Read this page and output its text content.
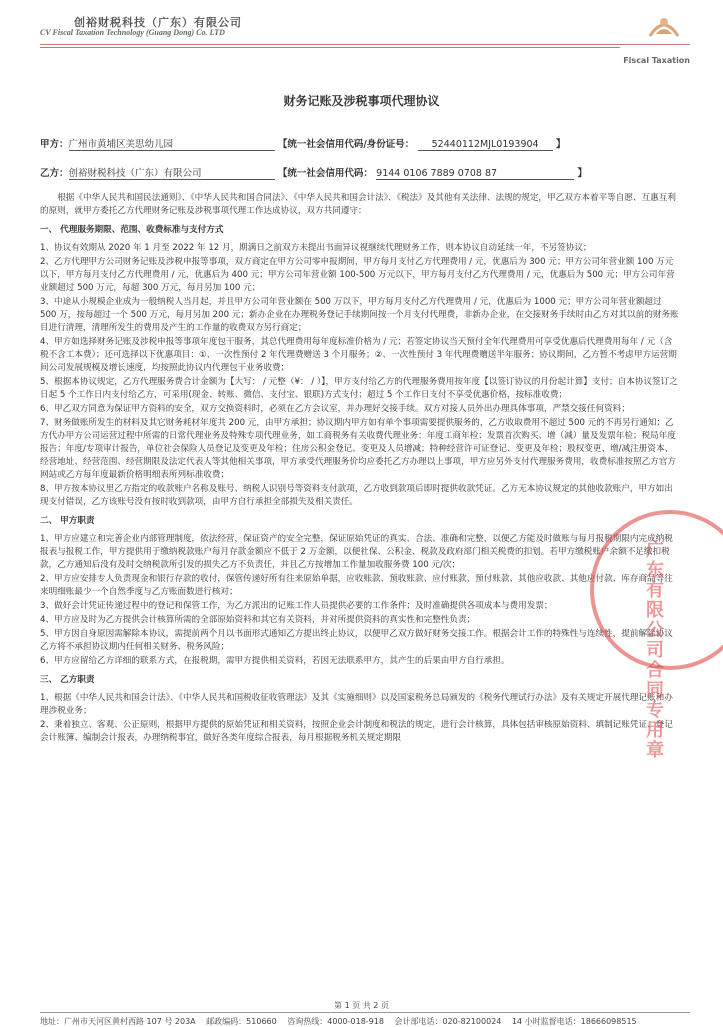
创裕财税科技（广东）有限公司
CV Fiscal Taxation Technology (Guang Dong) Co. LTD
Fiscal Taxation
财务记账及涉税事项代理协议
甲方：广州市黄埔区美思幼儿园	【统一社会信用代码/身份证号： 52440112MJL0193904 】
乙方：创裕财税科技（广东）有限公司	【统一社会信用代码： 9144 0106 7889 0708 87	】

根据《中华人民共和国民法通则》、《中华人民共和国合同法》、《中华人民共和国会计法》、《税法》及其他有关法律、法规的规定，甲乙双方本着平等自愿、互惠互利的原则，就甲方委托乙方代理财务记账及涉税事项代理工作达成协议，双方共同遵守：

一、 代理服务期限、范围、收费标准与支付方式

1、协议有效期从 2020 年 1 月至 2022 年 12 月，期满日之前双方未提出书面异议视继续代理财务工作，则本协议自动延续一年，不另签协议；

2、乙方代理甲方公司财务记账及涉税申报等事项，双方商定在甲方公司零申报期间，甲方每月支付乙方代理费用 / 元，优惠后为 300 元；甲方公司年营业额 100 万元以下，甲方每月支付乙方代理费用 / 元，优惠后为 400 元；甲方公司年营业额 100-500 万元以下，甲方每月支付乙方代理费用 / 元，优惠后为 500 元；甲方公司年营业额超过 500 万元，每超 300 万元，每月另加 100 元；

3、中途从小规模企业成为一般纳税人当月起，并且甲方公司年营业额在 500 万以下，甲方每月支付乙方代理费用 / 元，优惠后为 1000 元；甲方公司年营业额超过 500 万，按每超过一个 500 万元，每月另加 200 元；新办企业在办理税务登记手续期间按一个月支付代理费，非新办企业，在交接财务手续时由乙方对其以前的财务账目进行清理，清理所发生的费用及产生的工作量的收费双方另行商定；

4、甲方如选择财务记账及涉税申报等事项年度包干服务，其总代理费用每年度标准价格为 / 元；若签定协议当天预付全年代理费用可享受优惠后代理费用每年 / 元（含税不含工本费）；还可选择以下优惠项目：①、一次性预付 2 年代理费赠送 3 个月服务；②、一次性预付 3 年代理费赠送半年服务；协议期间，乙方暂不考虑甲方运营期间公司发展规模及增长速度，均按照此协议内代理包干业务收费；

5、根据本协议规定，乙方代理服务费合计金额为【大写： / 元整（¥： / ）】，甲方支付给乙方的代理服务费用按年度【以签订协议的月份起计算】支付；自本协议签订之日起 5 个工作日内支付给乙方，可采用(现金、转账、微信、支付宝、银联)方式支付；超过 5 个工作日支付不享受优惠价格，按标准收费；

6、甲乙双方同意为保证甲方资料的安全，双方交换资料时，必须在乙方会议室，并办理好交接手续。双方对接人员外出办理具体事项，严禁交接任何资料；

7、财务做账所发生的材料及其它财务耗材年度共 200 元，由甲方承担；协议期内甲方如有单个事项需要提供服务的，乙方收取费用不超过 500 元的不再另行通知；乙方代办甲方公司运营过程中所需的日常代理业务及特殊专项代理业务，如工商税务有关收费代理业务：年度工商年检；发票首次购买、增（减）量及发票年检；税局年度报告；年度/专项审计报告，单位社会保险人员登记及变更及年检；住房公积金登记、变更及人员增减；特种经营许可证登记、变更及年检；股权变更、增/减注册资本、经营地址、经营范围、经营期限及法定代表人等其他相关事项，甲方承受代理服务价均应委托乙方办理以上事项，甲方应另外支付代理服务费用，收费标准按照乙方官方网站或乙方每年度最新价格明细表所列标准收费；

8、甲方按本协议里乙方指定的收款账户名称及账号、纳税人识别号等资料支付款项，乙方收到款项后即时提供收款凭证。乙方无本协议规定的其他收款账户，甲方如出现支付错误，乙方该账号没有按时收到款项，由甲方自行承担全部损失及相关责任。

二、 甲方职责

1、甲方应建立和完善企业内部管理制度，依法经营，保证资产的安全完整，保证原始凭证的真实、合法、准确和完整，以便乙方能及时做账与每月报税期限内完成纳税报表与报税工作，甲方提供用于缴纳税款账户每月存款金额应不低于 2 万金额，以便社保、公积金、税款及政府部门相关税费的扣划。若甲方缴税账户余额不足缴扣税款，乙方通知后没有及时交纳税款所引发的损失乙方不负责任，并且乙方按增加工作量加收服务费 100 元/次；

2、甲方应安排专人负责现金和银行存款的收付，保管传递好所有往来原始单据，应收账款、预收账款、应付账款、预付账款、其他应收款、其他应付款、库存商品等往来明细账最少一个自然季度与乙方账面数进行核对；

3、做好会计凭证传递过程中的登记和保管工作，为乙方派出的记账工作人员提供必要的工作条件；及时准确提供各项成本与费用发票；

4、甲方应及时为乙方提供会计核算所需的全部原始资料和其它有关资料，并对所提供资料的真实性和完整性负责；

5、甲方因自身原因需解除本协议，需提前两个月以书面形式通知乙方提出终止协议，以便甲乙双方做好财务交接工作。根据会计工作的特殊性与连续性，提前解除协议乙方将不承担协议期内任何相关财务、税务风险；

6、甲方应留给乙方详细的联系方式，在报税期，需甲方提供相关资料，若因无法联系甲方，其产生的后果由甲方自行承担。

三、 乙方职责

1、根据《中华人民共和国会计法》、《中华人民共和国税收征收管理法》及其《实施细则》以及国家税务总局颁发的《税务代理试行办法》及有关规定开展代理记账和办理涉税业务；

2、秉着独立、客观、公正原则，根据甲方提供的原始凭证和相关资料，按照企业会计制度和税法的规定，进行会计核算，具体包括审核原始资料、填制记账凭证、登记会计账簿、编制会计报表，办理纳税事宜，做好各类年度综合报表，每月根据税务机关规定期限	广东有限公司合同专用章
第 1 页 共 2 页
地址：广州市天河区黄村西路 107 号 203A 邮政编码：510660 咨询热线：4000-018-918 会计部电话：020-82100024 14 小时监督电话：18666098515
